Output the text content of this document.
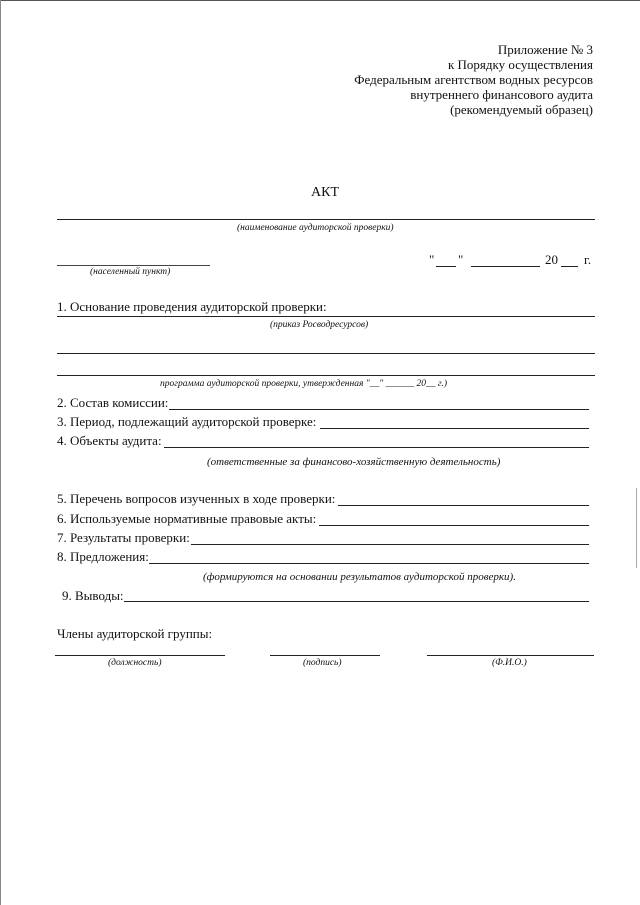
Приложение № 3
к Порядку осуществления
Федеральным агентством водных ресурсов
внутреннего финансового аудита
(рекомендуемый образец)
АКТ
(наименование аудиторской проверки)
(населенный пункт)
" "	20 г.
1. Основание проведения аудиторской проверки:
(приказ Росводресурсов)
программа аудиторской проверки, утвержденная "__" ______ 20__ г.)
2. Состав комиссии:
3. Период, подлежащий аудиторской проверке:
4. Объекты аудита:
(ответственные за финансово-хозяйственную деятельность)
5. Перечень вопросов изученных в ходе проверки:
6. Используемые нормативные правовые акты:
7. Результаты проверки:
8. Предложения:
(формируются на основании результатов аудиторской проверки).
9. Выводы:
Члены аудиторской группы:
(должность)	(подпись)	(Ф.И.О.)
